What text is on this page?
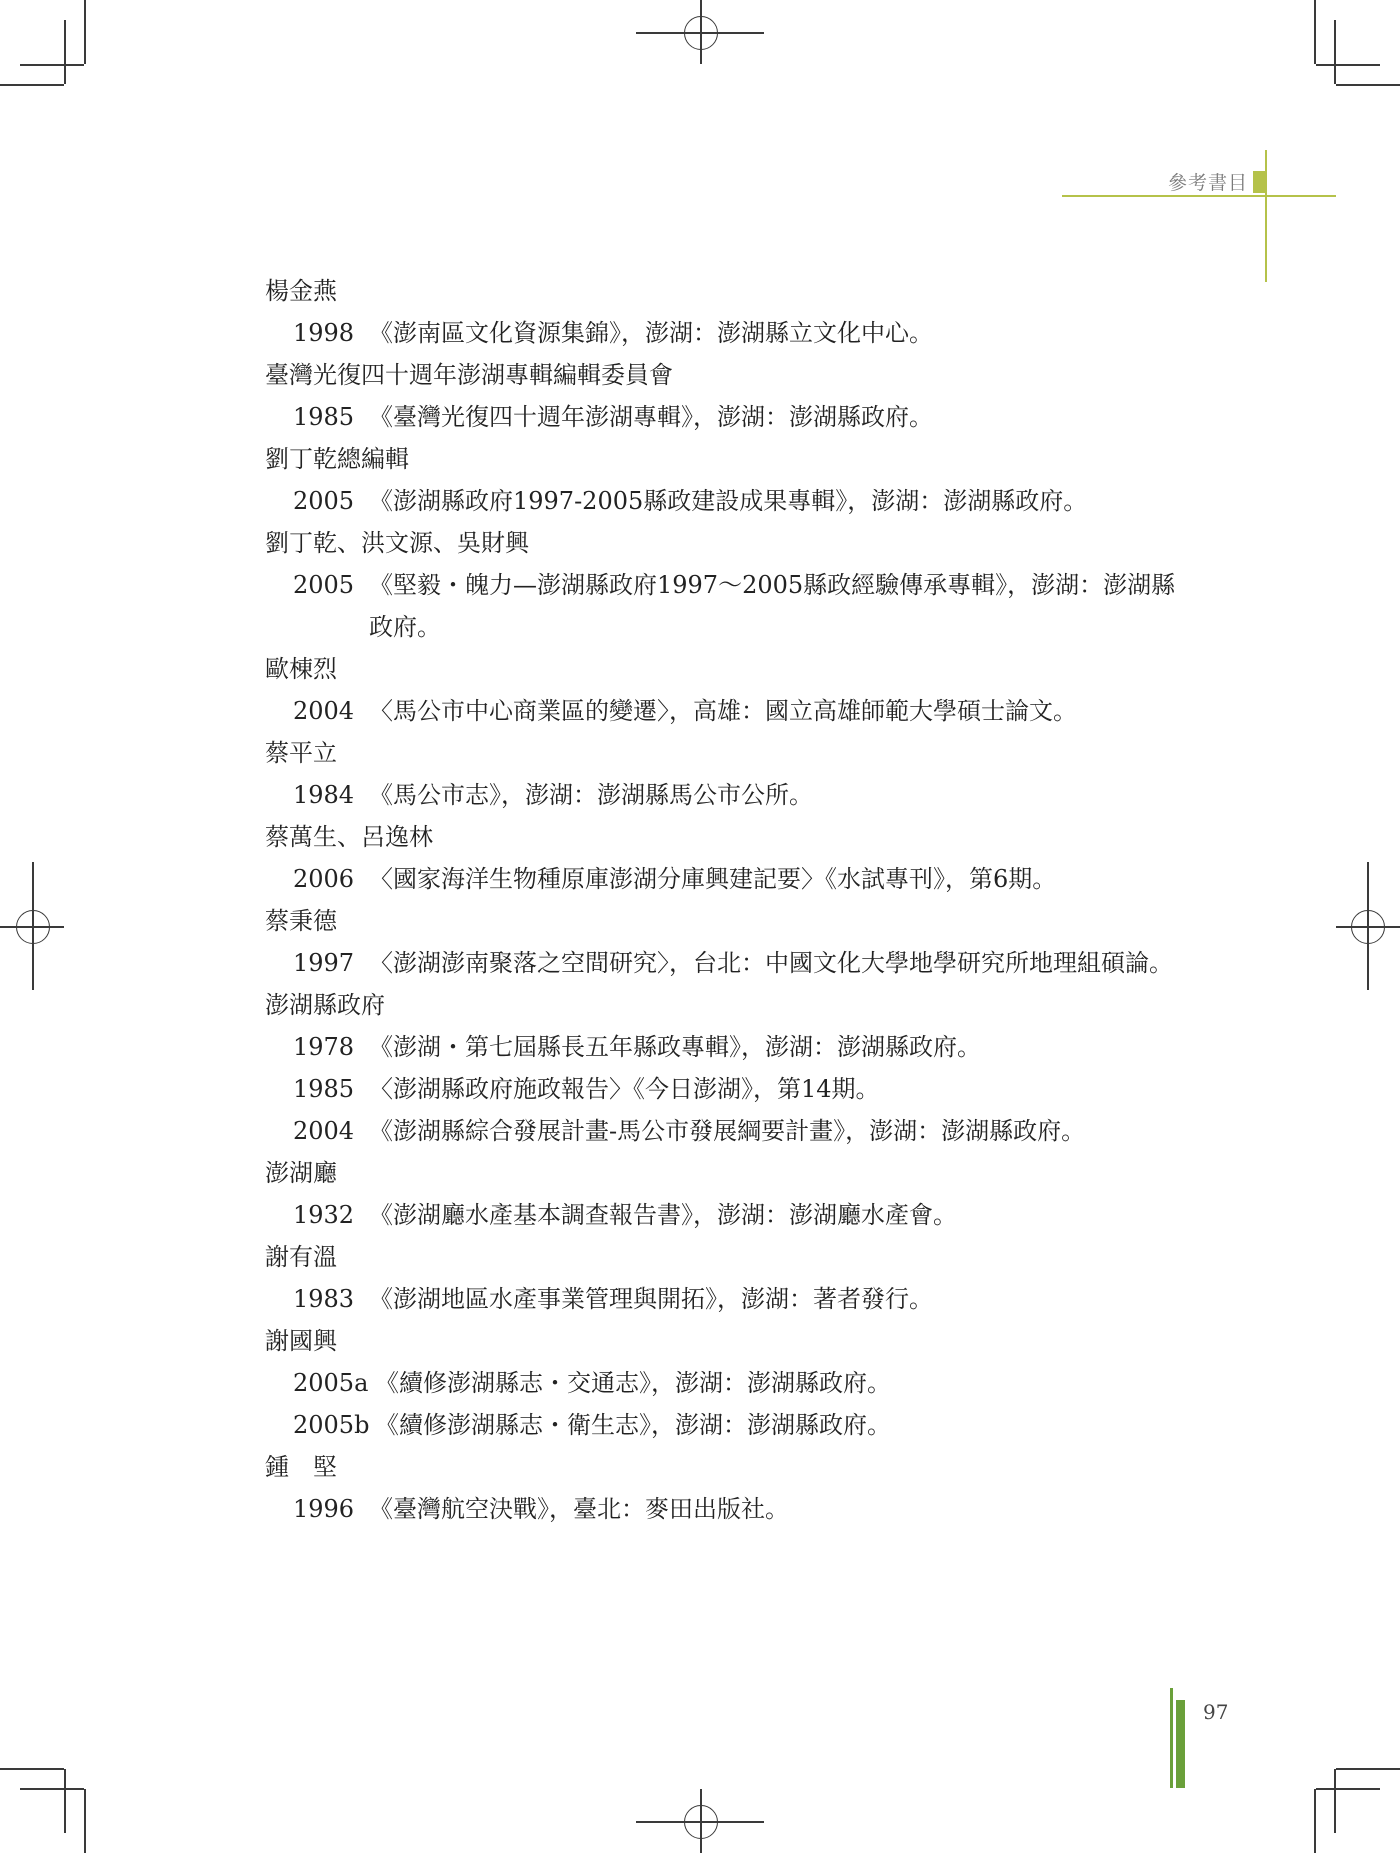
參考書目
楊金燕
1998 《澎南區文化資源集錦》，澎湖：澎湖縣立文化中心。
臺灣光復四十週年澎湖專輯編輯委員會
1985 《臺灣光復四十週年澎湖專輯》，澎湖：澎湖縣政府。
劉丁乾總編輯
2005 《澎湖縣政府1997-2005縣政建設成果專輯》，澎湖：澎湖縣政府。
劉丁乾、洪文源、吳財興
2005 《堅毅・魄力—澎湖縣政府1997～2005縣政經驗傳承專輯》，澎湖：澎湖縣政府。
歐棟烈
2004 〈馬公市中心商業區的變遷〉，高雄：國立高雄師範大學碩士論文。
蔡平立
1984 《馬公市志》，澎湖：澎湖縣馬公市公所。
蔡萬生、呂逸林
2006 〈國家海洋生物種原庫澎湖分庫興建記要〉《水試專刊》，第6期。
蔡秉德
1997 〈澎湖澎南聚落之空間研究〉，台北：中國文化大學地學研究所地理組碩論。
澎湖縣政府
1978 《澎湖・第七屆縣長五年縣政專輯》，澎湖：澎湖縣政府。
1985 〈澎湖縣政府施政報告〉《今日澎湖》，第14期。
2004 《澎湖縣綜合發展計畫-馬公市發展綱要計畫》，澎湖：澎湖縣政府。
澎湖廳
1932 《澎湖廳水產基本調查報告書》，澎湖：澎湖廳水產會。
謝有溫
1983 《澎湖地區水產事業管理與開拓》，澎湖：著者發行。
謝國興
2005a 《續修澎湖縣志・交通志》，澎湖：澎湖縣政府。
2005b 《續修澎湖縣志・衛生志》，澎湖：澎湖縣政府。
鍾　堅
1996 《臺灣航空決戰》，臺北：麥田出版社。
97
